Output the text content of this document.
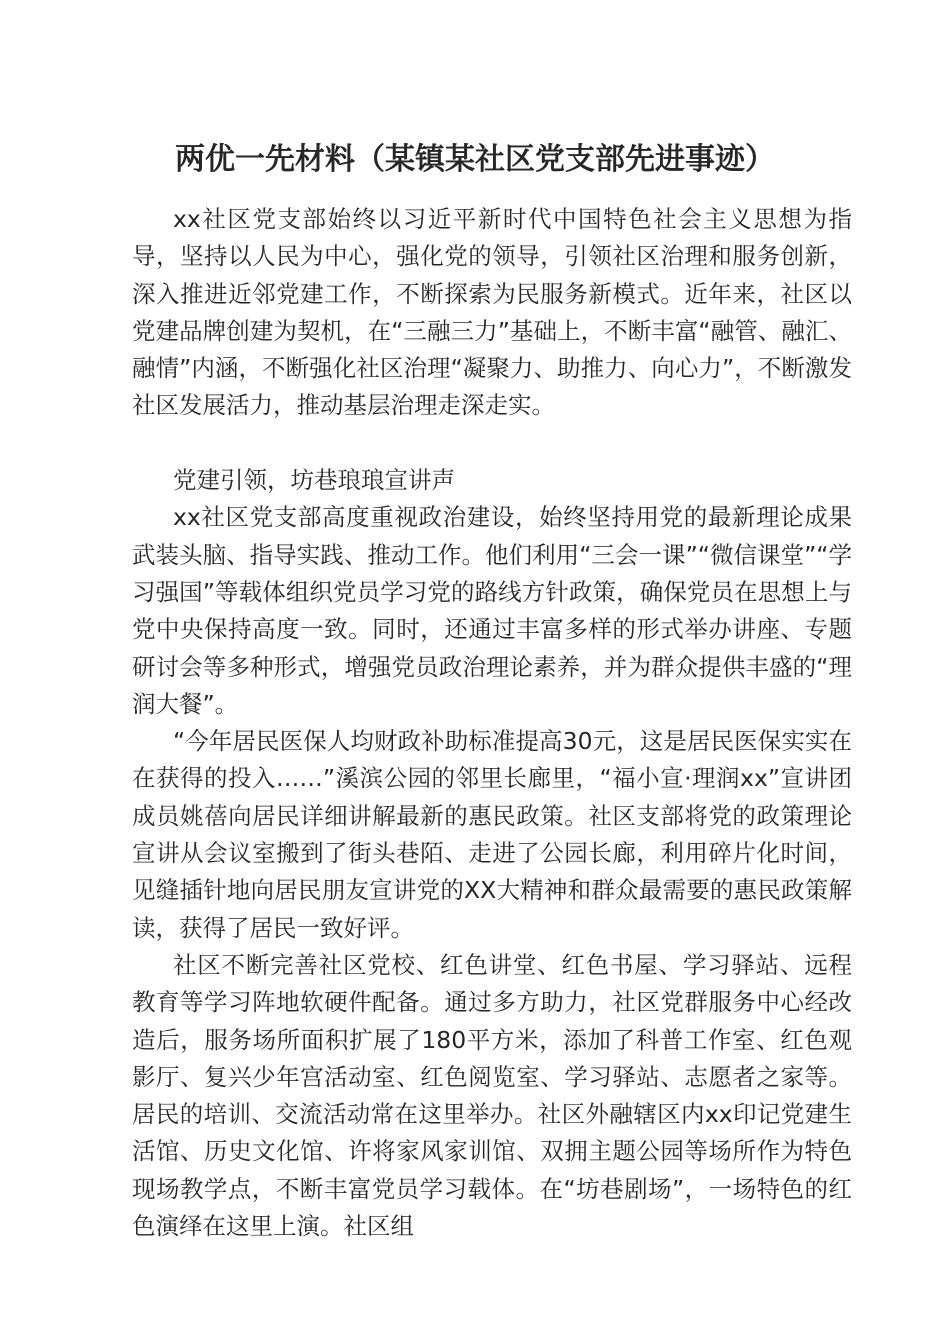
两优一先材料（某镇某社区党支部先进事迹）

xx社区党支部始终以习近平新时代中国特色社会主义思想为指导，坚持以人民为中心，强化党的领导，引领社区治理和服务创新，深入推进近邻党建工作，不断探索为民服务新模式。近年来，社区以党建品牌创建为契机，在“三融三力”基础上，不断丰富“融管、融汇、融情”内涵，不断强化社区治理“凝聚力、助推力、向心力”，不断激发社区发展活力，推动基层治理走深走实。

党建引领，坊巷琅琅宣讲声

xx社区党支部高度重视政治建设，始终坚持用党的最新理论成果武装头脑、指导实践、推动工作。他们利用“三会一课”“微信课堂”“学习强国”等载体组织党员学习党的路线方针政策，确保党员在思想上与党中央保持高度一致。同时，还通过丰富多样的形式举办讲座、专题研讨会等多种形式，增强党员政治理论素养，并为群众提供丰盛的“理润大餐”。

“今年居民医保人均财政补助标准提高30元，这是居民医保实实在在获得的投入……”溪滨公园的邻里长廊里，“福小宣·理润xx”宣讲团成员姚蓓向居民详细讲解最新的惠民政策。社区支部将党的政策理论宣讲从会议室搬到了街头巷陌、走进了公园长廊，利用碎片化时间，见缝插针地向居民朋友宣讲党的XX大精神和群众最需要的惠民政策解读，获得了居民一致好评。

社区不断完善社区党校、红色讲堂、红色书屋、学习驿站、远程教育等学习阵地软硬件配备。通过多方助力，社区党群服务中心经改造后，服务场所面积扩展了180平方米，添加了科普工作室、红色观影厅、复兴少年宫活动室、红色阅览室、学习驿站、志愿者之家等。居民的培训、交流活动常在这里举办。社区外融辖区内xx印记党建生活馆、历史文化馆、许将家风家训馆、双拥主题公园等场所作为特色现场教学点，不断丰富党员学习载体。在“坊巷剧场”，一场特色的红色演绎在这里上演。社区组
